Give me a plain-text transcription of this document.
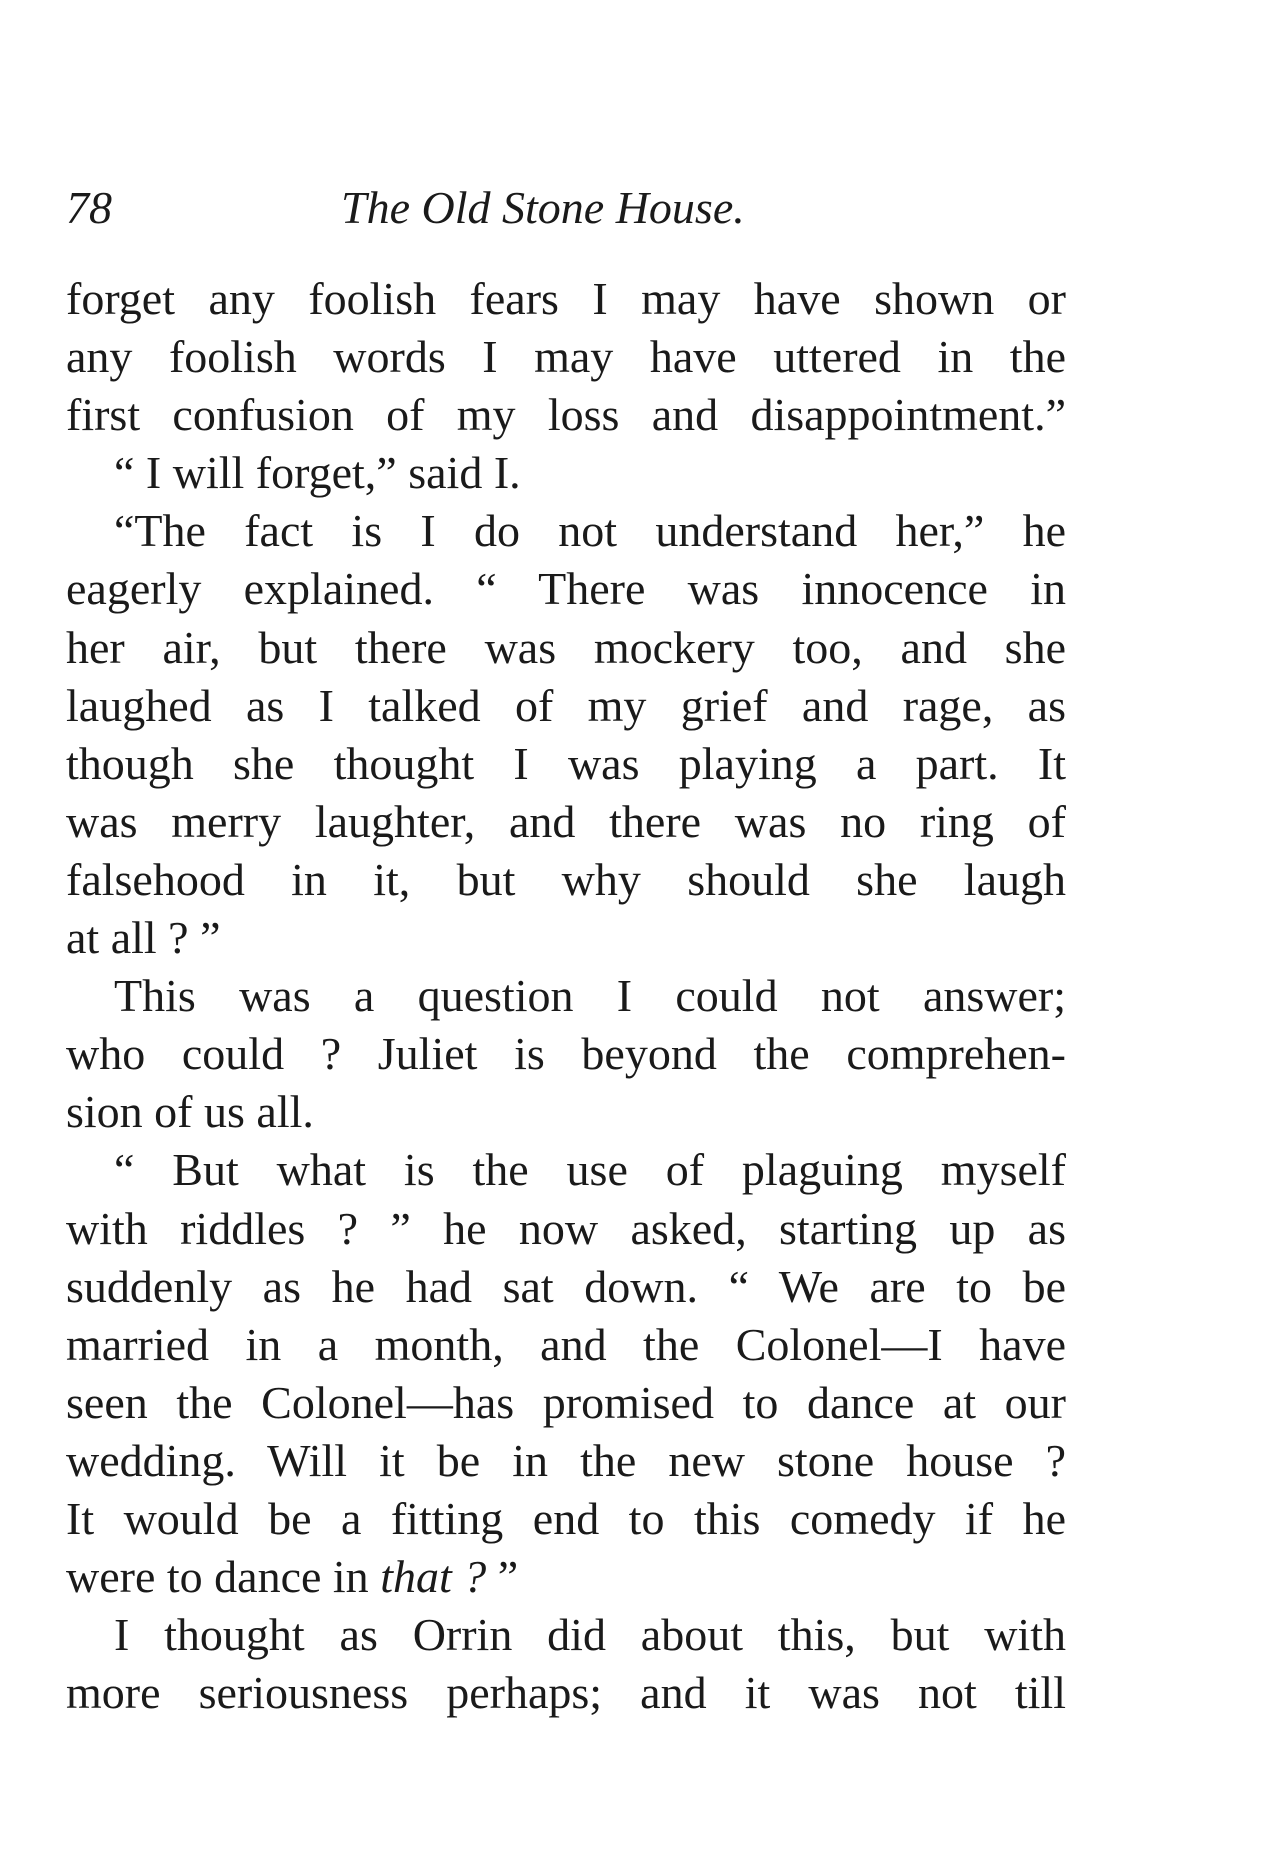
78	The Old Stone House.
forget any foolish fears I may have shown or
any foolish words I may have uttered in the
first confusion of my loss and disappointment.”
“ I will forget,” said I.
“The fact is I do not understand her,” he
eagerly explained. “ There was innocence in
her air, but there was mockery too, and she
laughed as I talked of my grief and rage, as
though she thought I was playing a part. It
was merry laughter, and there was no ring of
falsehood in it, but why should she laugh
at all ? ”
This was a question I could not answer;
who could ? Juliet is beyond the comprehen-
sion of us all.
“ But what is the use of plaguing myself
with riddles ? ” he now asked, starting up as
suddenly as he had sat down. “ We are to be
married in a month, and the Colonel—I have
seen the Colonel—has promised to dance at our
wedding. Will it be in the new stone house ?
It would be a fitting end to this comedy if he
were to dance in that ? ”
I thought as Orrin did about this, but with
more seriousness perhaps; and it was not till
